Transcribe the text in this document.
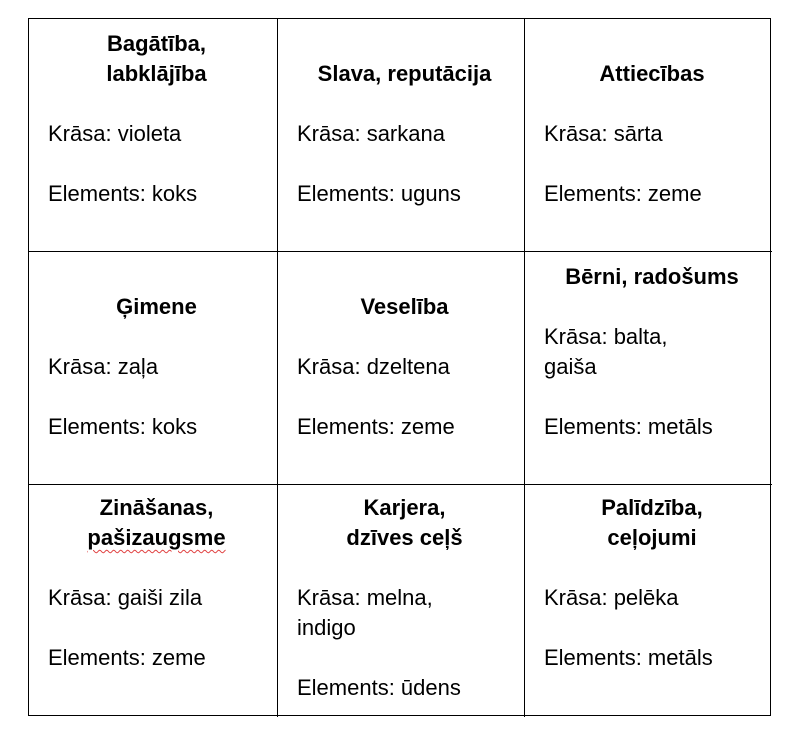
Bagātība,
labklājība
Krāsa: violeta
Elements: koks
Slava, reputācija
Krāsa: sarkana
Elements: uguns
Attiecības
Krāsa: sārta
Elements: zeme
Ģimene
Krāsa: zaļa
Elements: koks
Veselība
Krāsa: dzeltena
Elements: zeme
Bērni, radošums
Krāsa: balta,
gaiša
Elements: metāls
Zināšanas,
pašizaugsme
Krāsa: gaiši zila
Elements: zeme
Karjera,
dzīves ceļš
Krāsa: melna,
indigo
Elements: ūdens
Palīdzība,
ceļojumi
Krāsa: pelēka
Elements: metāls
